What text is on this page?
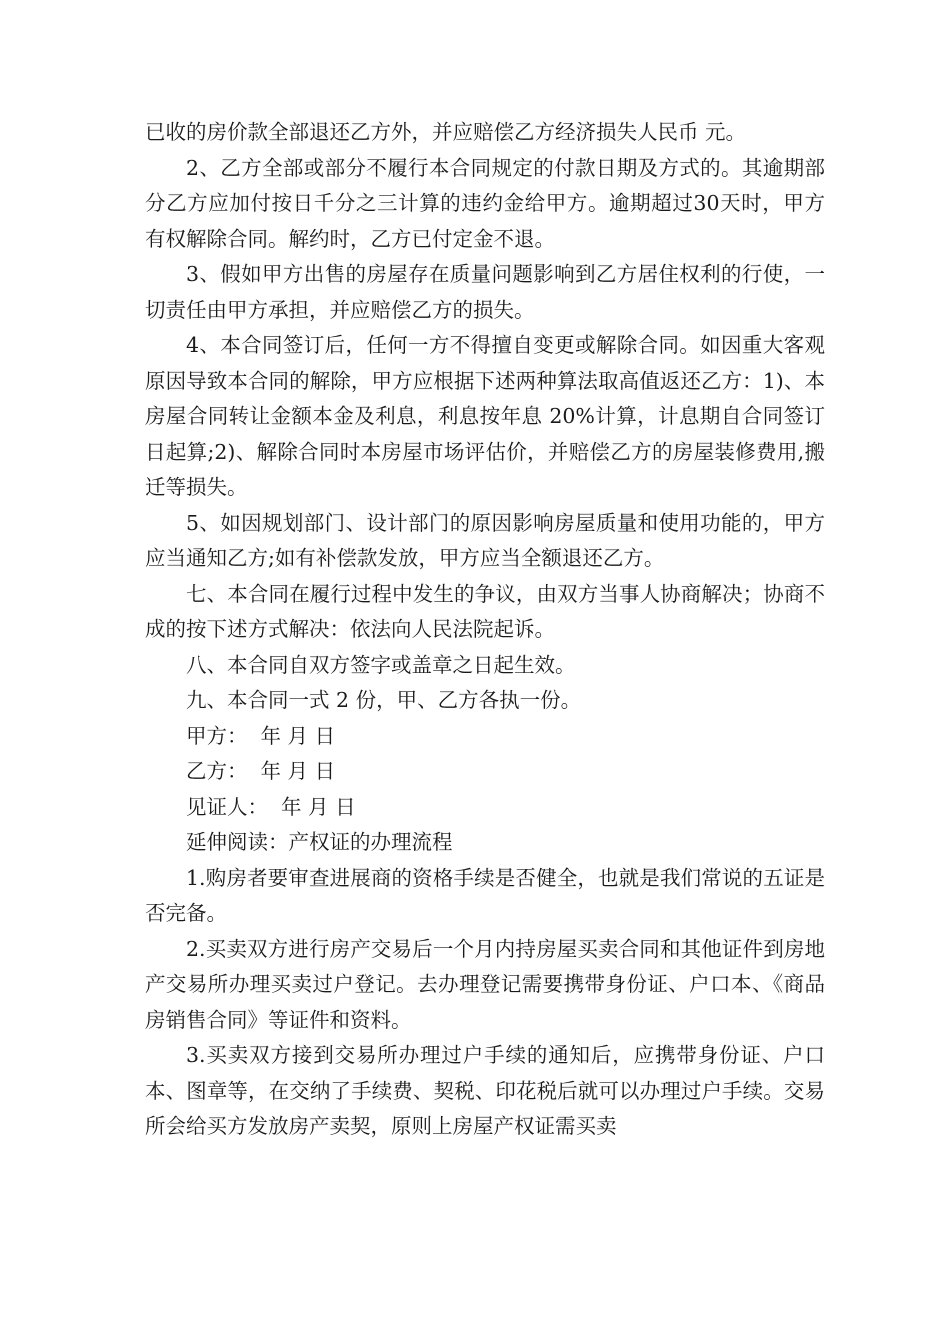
已收的房价款全部退还乙方外，并应赔偿乙方经济损失人民币 元。

2、乙方全部或部分不履行本合同规定的付款日期及方式的。其逾期部分乙方应加付按日千分之三计算的违约金给甲方。逾期超过30天时，甲方有权解除合同。解约时，乙方已付定金不退。

3、假如甲方出售的房屋存在质量问题影响到乙方居住权利的行使，一切责任由甲方承担，并应赔偿乙方的损失。

4、本合同签订后，任何一方不得擅自变更或解除合同。如因重大客观原因导致本合同的解除，甲方应根据下述两种算法取高值返还乙方：1)、本房屋合同转让金额本金及利息，利息按年息 20%计算，计息期自合同签订日起算;2)、解除合同时本房屋市场评估价，并赔偿乙方的房屋装修费用,搬迁等损失。

5、如因规划部门、设计部门的原因影响房屋质量和使用功能的，甲方应当通知乙方;如有补偿款发放，甲方应当全额退还乙方。

七、本合同在履行过程中发生的争议，由双方当事人协商解决；协商不成的按下述方式解决：依法向人民法院起诉。

八、本合同自双方签字或盖章之日起生效。

九、本合同一式 2 份，甲、乙方各执一份。

甲方：  年 月 日

乙方：  年 月 日

见证人：  年 月 日

延伸阅读：产权证的办理流程

1.购房者要审查进展商的资格手续是否健全，也就是我们常说的五证是否完备。

2.买卖双方进行房产交易后一个月内持房屋买卖合同和其他证件到房地产交易所办理买卖过户登记。去办理登记需要携带身份证、户口本、《商品房销售合同》等证件和资料。

3.买卖双方接到交易所办理过户手续的通知后，应携带身份证、户口本、图章等，在交纳了手续费、契税、印花税后就可以办理过户手续。交易所会给买方发放房产卖契，原则上房屋产权证需买卖
